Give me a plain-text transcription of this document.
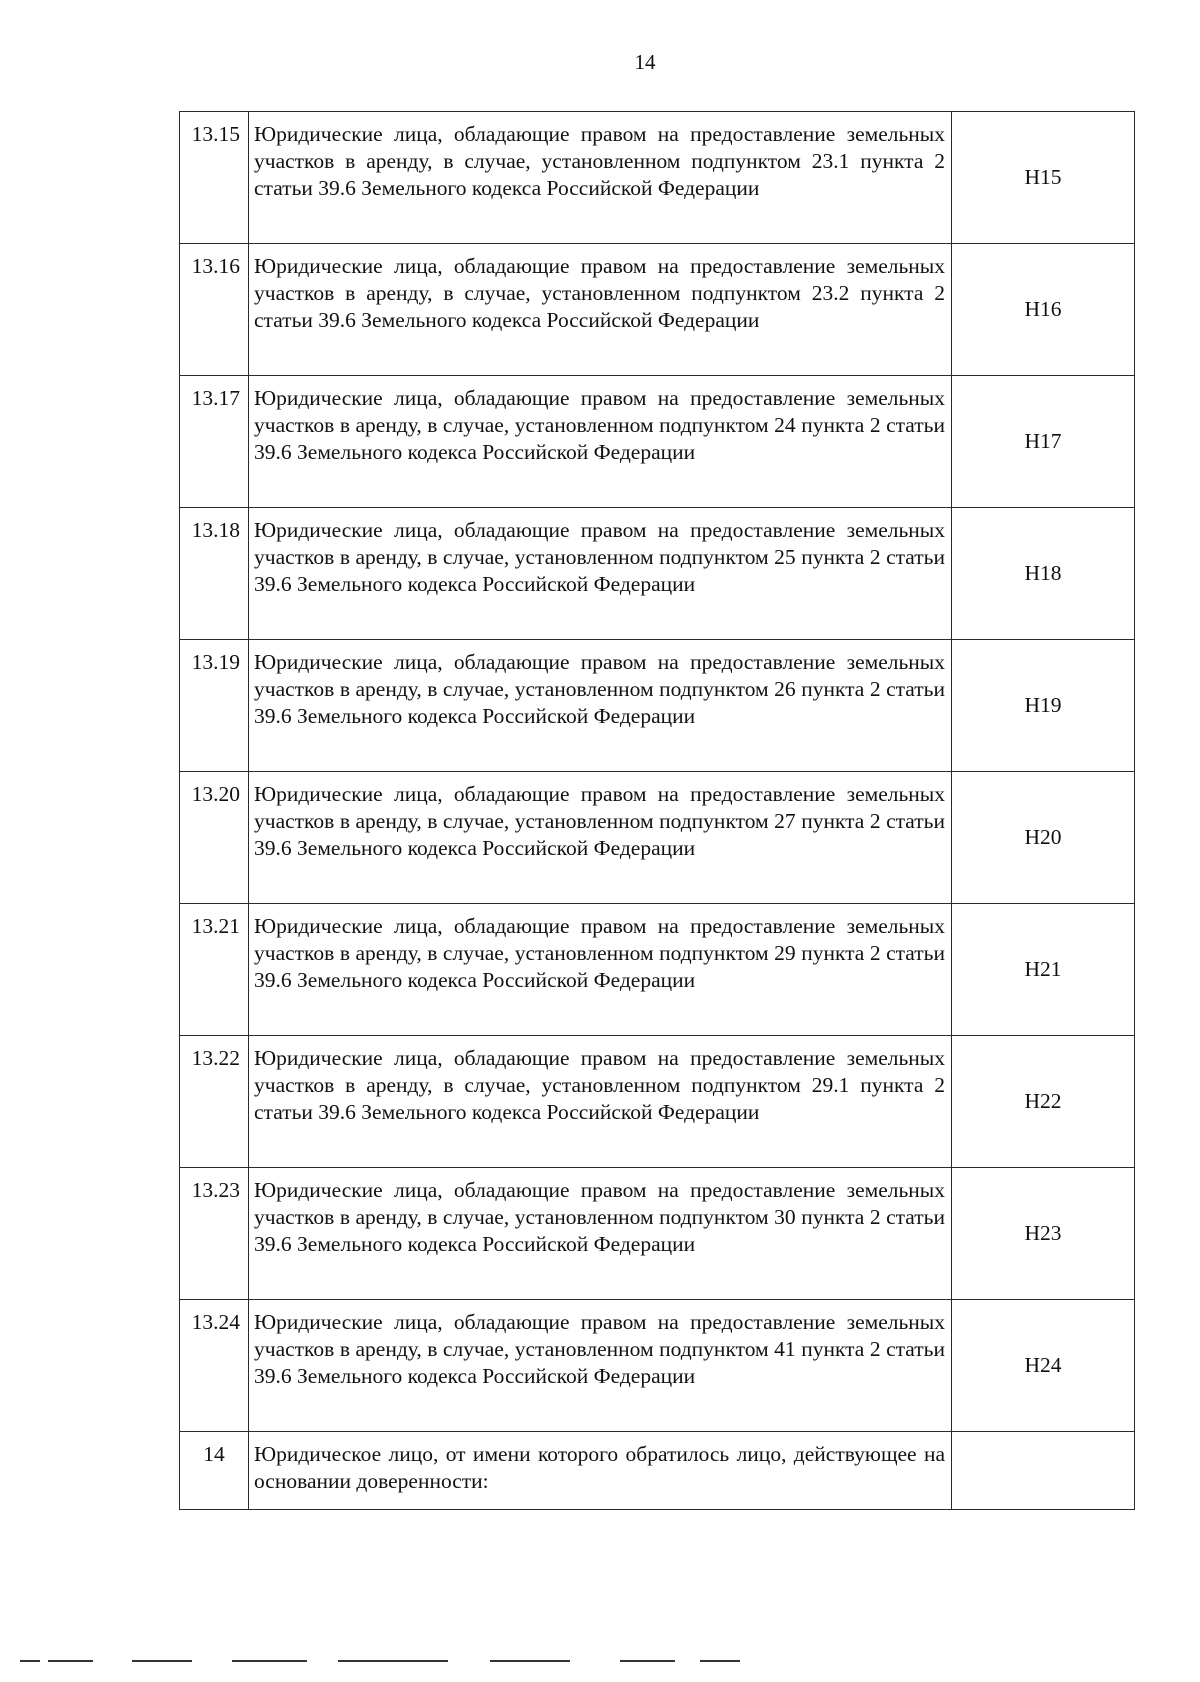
14
13.15	Юридические лица, обладающие правом на предоставление земельных участков в аренду, в случае, установленном подпунктом 23.1 пункта 2 статьи 39.6 Земельного кодекса Российской Федерации	Н15
13.16	Юридические лица, обладающие правом на предоставление земельных участков в аренду, в случае, установленном подпунктом 23.2 пункта 2 статьи 39.6 Земельного кодекса Российской Федерации	Н16
13.17	Юридические лица, обладающие правом на предоставление земельных участков в аренду, в случае, установленном подпунктом 24 пункта 2 статьи 39.6 Земельного кодекса Российской Федерации	Н17
13.18	Юридические лица, обладающие правом на предоставление земельных участков в аренду, в случае, установленном подпунктом 25 пункта 2 статьи 39.6 Земельного кодекса Российской Федерации	Н18
13.19	Юридические лица, обладающие правом на предоставление земельных участков в аренду, в случае, установленном подпунктом 26 пункта 2 статьи 39.6 Земельного кодекса Российской Федерации	Н19
13.20	Юридические лица, обладающие правом на предоставление земельных участков в аренду, в случае, установленном подпунктом 27 пункта 2 статьи 39.6 Земельного кодекса Российской Федерации	Н20
13.21	Юридические лица, обладающие правом на предоставление земельных участков в аренду, в случае, установленном подпунктом 29 пункта 2 статьи 39.6 Земельного кодекса Российской Федерации	Н21
13.22	Юридические лица, обладающие правом на предоставление земельных участков в аренду, в случае, установленном подпунктом 29.1 пункта 2 статьи 39.6 Земельного кодекса Российской Федерации	Н22
13.23	Юридические лица, обладающие правом на предоставление земельных участков в аренду, в случае, установленном подпунктом 30 пункта 2 статьи 39.6 Земельного кодекса Российской Федерации	Н23
13.24	Юридические лица, обладающие правом на предоставление земельных участков в аренду, в случае, установленном подпунктом 41 пункта 2 статьи 39.6 Земельного кодекса Российской Федерации	Н24
14	Юридическое лицо, от имени которого обратилось лицо, действующее на основании доверенности:	
